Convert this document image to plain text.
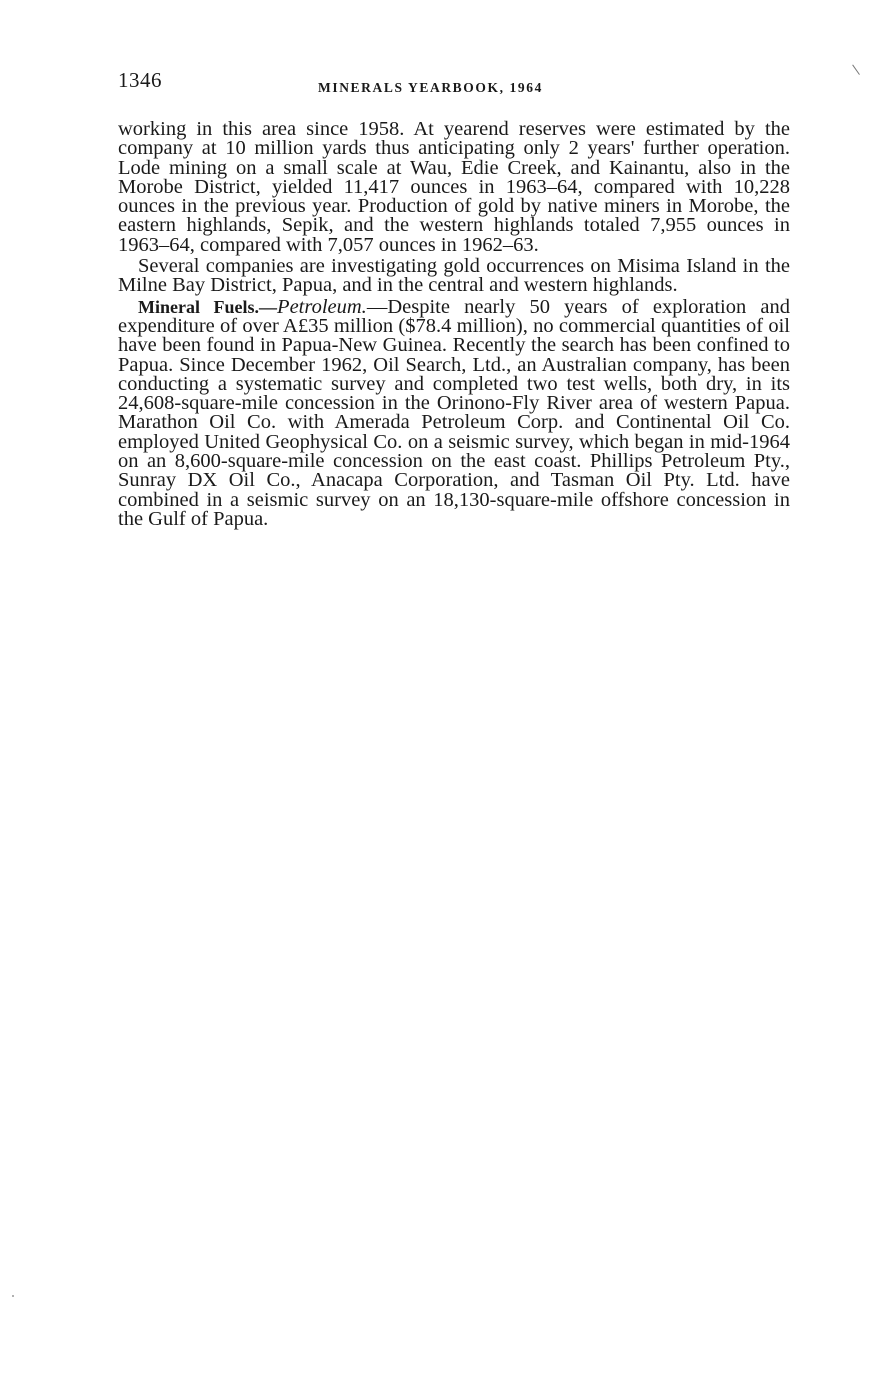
1346	MINERALS YEARBOOK, 1964

working in this area since 1958. At yearend reserves were estimated by the company at 10 million yards thus anticipating only 2 years' further operation. Lode mining on a small scale at Wau, Edie Creek, and Kainantu, also in the Morobe District, yielded 11,417 ounces in 1963–64, compared with 10,228 ounces in the previous year. Production of gold by native miners in Morobe, the eastern highlands, Sepik, and the western highlands totaled 7,955 ounces in 1963–64, compared with 7,057 ounces in 1962–63.

Several companies are investigating gold occurrences on Misima Island in the Milne Bay District, Papua, and in the central and western highlands.

Mineral Fuels.—Petroleum.—Despite nearly 50 years of exploration and expenditure of over A£35 million ($78.4 million), no commercial quantities of oil have been found in Papua-New Guinea. Recently the search has been confined to Papua. Since December 1962, Oil Search, Ltd., an Australian company, has been conducting a systematic survey and completed two test wells, both dry, in its 24,608-square-mile concession in the Orinono-Fly River area of western Papua. Marathon Oil Co. with Amerada Petroleum Corp. and Continental Oil Co. employed United Geophysical Co. on a seismic survey, which began in mid-1964 on an 8,600-square-mile concession on the east coast. Phillips Petroleum Pty., Sunray DX Oil Co., Anacapa Corporation, and Tasman Oil Pty. Ltd. have combined in a seismic survey on an 18,130-square-mile offshore concession in the Gulf of Papua.
